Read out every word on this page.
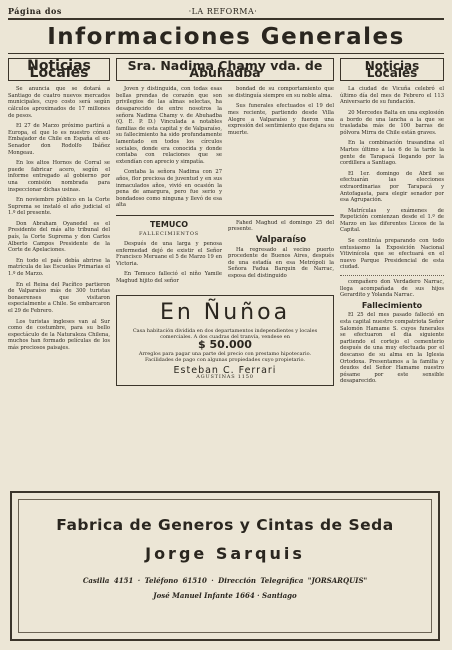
Página dos	·LA REFORMA·
Informaciones Generales
Noticias Locales

Se anuncia que se dotará a Santiago de cuatro nuevos mercados municipales, cuyo costo será según cálculos aproximados de 17 millones de pesos.

El 27 de Marzo próximo partirá a Europa, el que lo es nuestro cónsul Embajador de Chile en España el ex-Senador don Rodolfo Ibáñez Mongeau.

En los altos Hornos de Corral se puede fabricar acero, según el informe entregado al gobierno por una comisión nombrada para inspeccionar dichas usinas.

En noviembre público en la Corte Suprema se instaló el año judicial el 1.º del presente.

Don Abraham Oyanedel es el Presidente del más alto tribunal del país, la Corte Suprema y don Carlos Alberto Campos Presidente de la Corte de Apelaciones.

En todo el país debía abrirse la matrícula de las Escuelas Primarias el 1.º de Marzo.

En el Reina del Pacífico partieron de Valparaíso más de 300 turistas bonaerenses que visitaron especialmente a Chile. Se embarcaron el 29 de Febrero.

Los turistas ingleses van al Sur como de costumbre, para su bello espectáculo de la Naturaleza Chilena, muchos han formado películas de los más preciosos paisajes.

Sra. Nadima Chamy vda. de Abuhadba

Joven y distinguida, con todas esas bellas prendas de corazón que son privilegios de las almas selectas, ha desaparecido de entre nosotros la señora Nadima Chamy v. de Abuhadba (Q. E. P. D.) Vinculada a notables familias de esta capital y de Valparaíso, su fallecimiento ha sido profundamente lamentado en todos los círculos sociales, donde era conocida y donde contaba con relaciones que se extendían con aprecio y simpatía.

Contaba la señora Nadima con 27 años, flor preciosa de juventud y en sus inmaculados años, vivió en ocasión la pena de amargura, pero fue serio y bondadoso como ninguna y llevó de esa alta

bondad de su comportamiento que se distinguía siempre en su noble alma.

Sus funerales efectuados el 19 del mes reciente, partiendo desde Villa Alegre a Valparaíso y fueron una expresión del sentimiento que dejara su muerte.

TEMUCO
FALLECIMIENTOS

Después de una larga y penosa enfermedad dejó de existir el Señor Francisco Meruane el 5 de Marzo 19 en Victoria.

En Temuco falleció el niño Yamile Maghud hijito del señor

Fahed Maghud el domingo 25 del presente.

Valparaíso

Ha regresado al vecino puerto procedente de Buenos Aires, después de una estadía en esa Metrópoli la Señora Fadua Barquin de Narrac, esposa del distinguido

En Ñuñoa
Casa habitación dividida en dos departamentos independientes y locales comerciales. A dos cuadras del tranvía, vendese en
$ 50.000
Arreglos para pagar una parte del precio con prestamo hipotecario. Facilidades de pago con algunas propiedades cuyo propietario.
Esteban C. Ferrari
AGUSTINAS 1150
Noticias Locales

La ciudad de Vicuña celebró el último día del mes de Febrero el 113 Aniversario de su fundación.

20 Mercedes Balta en una explosión a bordo de una lancha a la que se trasladaba más de 100 barras de pólvora Mirra de Chile están graves.

En la combinación trasandina el Martes último a las 6 de la tarde la gente de Tarapacá llegando por la cordillera a Santiago.

El 1er. domingo de Abril se efectuarán las elecciones extraordinarias por Tarapacá y Antofagasta, para elegir senador por esa Agrupación.

Matrículas y exámenes de Repetición comienzan desde el 1.º de Marzo en las diferentes Liceos de la Capital.

Se continúa preparando con todo entusiasmo la Exposición Nacional Vitivinícola que se efectuará en el nuevo Parque Presidencial de esta ciudad.

compañero don Verdadero Narrac, llega acompañada de sus hijos Gerardito y Yolanda Narrac.

Fallecimiento

El 25 del mes pasado falleció en esta capital nuestro compatriota Señor Salomón Hamame S. cuyos funerales se efectuaron el día siguiente partiendo el cortejo el cementerio después de una muy efectuada por el descanso de su alma en la Iglesia Ortodoxa. Presentamos a la familia y deudos del Señor Hamame nuestro pésame por este sensible desaparecido.

Fabrica de Generos y Cintas de Seda
Jorge Sarquis
Casilla 4151 · Teléfono 61510 · Dirección Telegráfica "JORSARQUIS"
José Manuel Infante 1664 · Santiago
